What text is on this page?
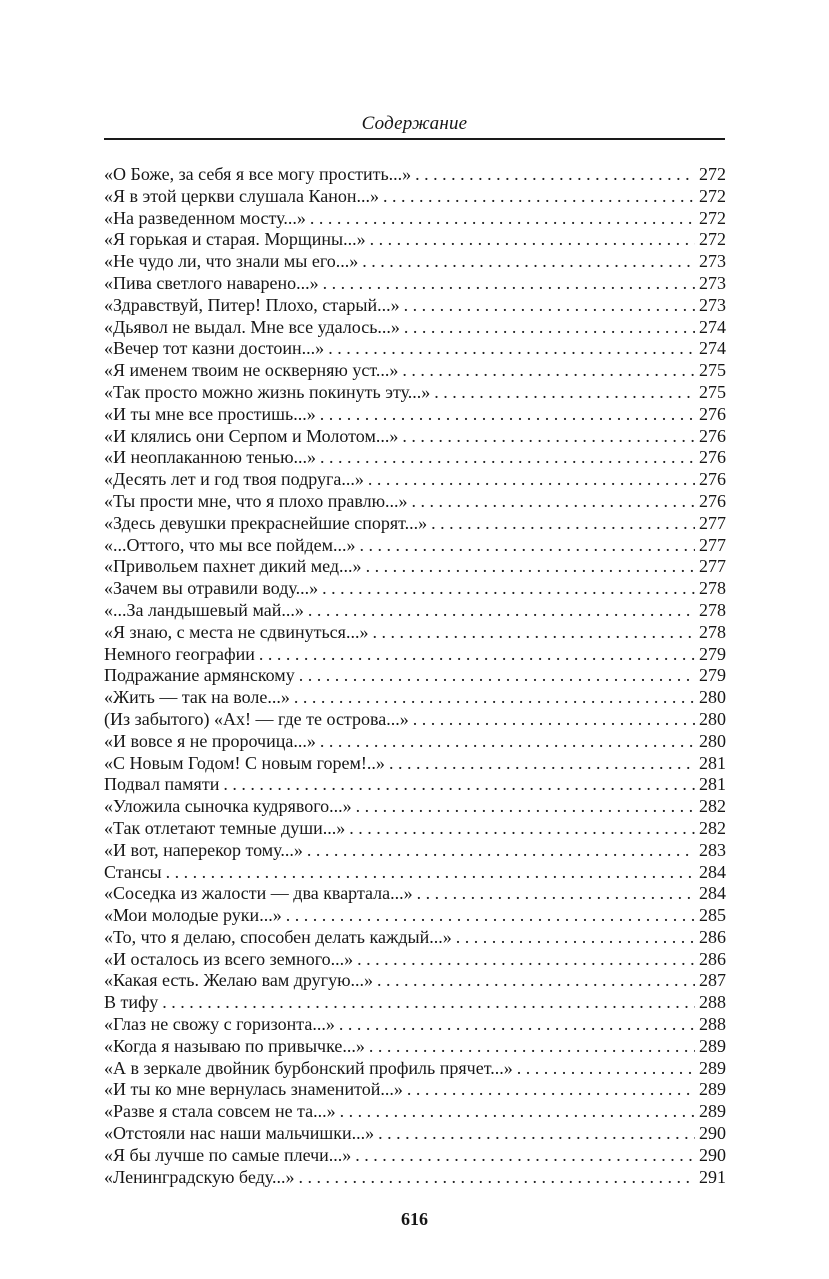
Содержание
«О Боже, за себя я все могу простить...» . . .	272
«Я в этой церкви слушала Канон...» . . .	272
«На разведенном мосту...» . . .	272
«Я горькая и старая. Морщины...» . . .	272
«Не чудо ли, что знали мы его...» . . .	273
«Пива светлого наварено...» . . .	273
«Здравствуй, Питер! Плохо, старый...» . . .	273
«Дьявол не выдал. Мне все удалось...» . . .	274
«Вечер тот казни достоин...» . . .	274
«Я именем твоим не оскверняю уст...» . . .	275
«Так просто можно жизнь покинуть эту...» . . .	275
«И ты мне все простишь...» . . .	276
«И клялись они Серпом и Молотом...» . . .	276
«И неоплаканною тенью...» . . .	276
«Десять лет и год твоя подруга...» . . .	276
«Ты прости мне, что я плохо правлю...» . . .	276
«Здесь девушки прекраснейшие спорят...» . . .	277
«...Оттого, что мы все пойдем...» . . .	277
«Привольем пахнет дикий мед...» . . .	277
«Зачем вы отравили воду...» . . .	278
«...За ландышевый май...» . . .	278
«Я знаю, с места не сдвинуться...» . . .	278
Немного географии . . .	279
Подражание армянскому . . .	279
«Жить — так на воле...» . . .	280
(Из забытого) «Ах! — где те острова...» . . .	280
«И вовсе я не пророчица...» . . .	280
«С Новым Годом! С новым горем!..» . . .	281
Подвал памяти . . .	281
«Уложила сыночка кудрявого...» . . .	282
«Так отлетают темные души...» . . .	282
«И вот, наперекор тому...» . . .	283
Стансы . . .	284
«Соседка из жалости — два квартала...» . . .	284
«Мои молодые руки...» . . .	285
«То, что я делаю, способен делать каждый...» . . .	286
«И осталось из всего земного...» . . .	286
«Какая есть. Желаю вам другую...» . . .	287
В тифу . . .	288
«Глаз не свожу с горизонта...» . . .	288
«Когда я называю по привычке...» . . .	289
«А в зеркале двойник бурбонский профиль прячет...» . . .	289
«И ты ко мне вернулась знаменитой...» . . .	289
«Разве я стала совсем не та...» . . .	289
«Отстояли нас наши мальчишки...» . . .	290
«Я бы лучше по самые плечи...» . . .	290
«Ленинградскую беду...» . . .	291
616
